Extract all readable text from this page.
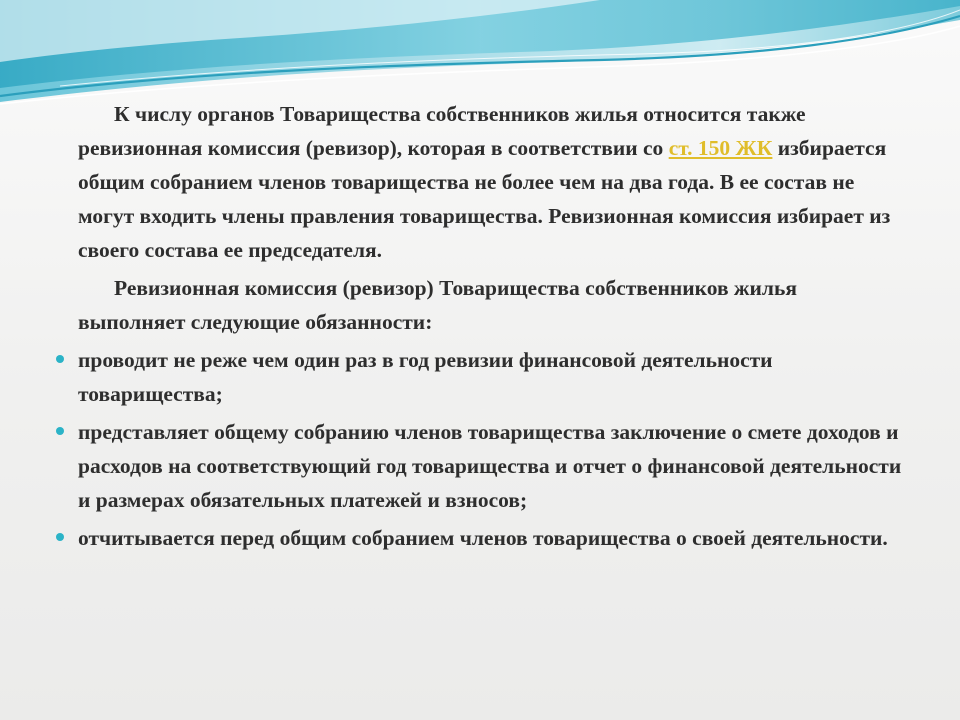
К числу органов Товарищества собственников жилья относится также ревизионная комиссия (ревизор), которая в соответствии со ст. 150 ЖК избирается общим собранием членов товарищества не более чем на два года. В ее состав не могут входить члены правления товарищества. Ревизионная комиссия избирает из своего состава ее председателя.

Ревизионная комиссия (ревизор) Товарищества собственников жилья выполняет следующие обязанности:

проводит не реже чем один раз в год ревизии финансовой деятельности товарищества;
представляет общему собранию членов товарищества заключение о смете доходов и расходов на соответствующий год товарищества и отчет о финансовой деятельности и размерах обязательных платежей и взносов;
отчитывается перед общим собранием членов товарищества о своей деятельности.
